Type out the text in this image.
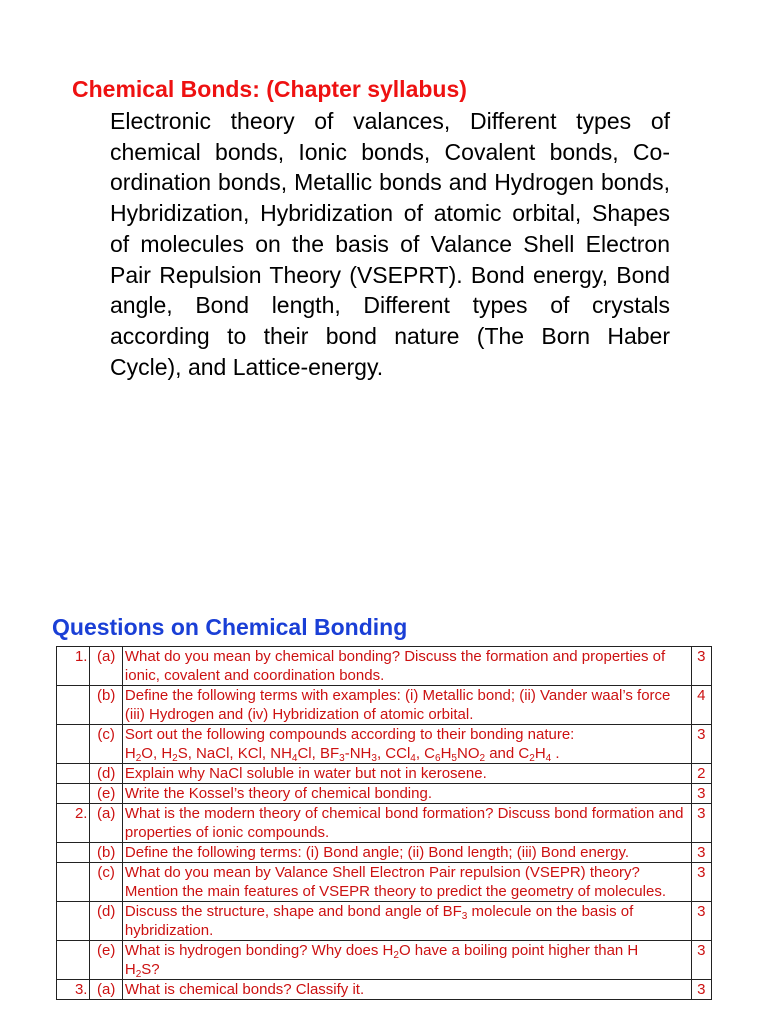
Chemical Bonds: (Chapter syllabus)
Electronic theory of valances, Different types of chemical bonds, Ionic bonds, Covalent bonds, Co-ordination bonds, Metallic bonds and Hydrogen bonds, Hybridization, Hybridization of atomic orbital, Shapes of molecules on the basis of Valance Shell Electron Pair Repulsion Theory (VSEPRT). Bond energy, Bond angle, Bond length, Different types of crystals according to their bond nature (The Born Haber Cycle), and Lattice-energy.
Questions on Chemical Bonding
1.	(a)	What do you mean by chemical bonding? Discuss the formation and properties of ionic, covalent and coordination bonds.	3
	(b)	Define the following terms with examples: (i) Metallic bond; (ii) Vander waal’s force (iii) Hydrogen and (iv) Hybridization of atomic orbital.	4
	(c)	Sort out the following compounds according to their bonding nature:
$H_2O$, $H_2S$, NaCl, KCl, $NH_4Cl$, $BF_3-NH_3$, CCl$_4$, $C_6H_5NO_2$ and $C_2H_4$ .	3
	(d)	Explain why NaCl soluble in water but not in kerosene.	2
	(e)	Write the Kossel’s theory of chemical bonding.	3
2.	(a)	What is the modern theory of chemical bond formation? Discuss bond formation and properties of ionic compounds.	3
	(b)	Define the following terms: (i) Bond angle; (ii) Bond length; (iii) Bond energy.	3
	(c)	What do you mean by Valance Shell Electron Pair repulsion (VSEPR) theory? Mention the main features of VSEPR theory to predict the geometry of molecules.	3
	(d)	Discuss the structure, shape and bond angle of $BF_3$ molecule on the basis of hybridization.	3
	(e)	What is hydrogen bonding? Why does $H_2O$ have a boiling point higher than H
$H_2S$?	3
3.	(a)	What is chemical bonds? Classify it.	3
